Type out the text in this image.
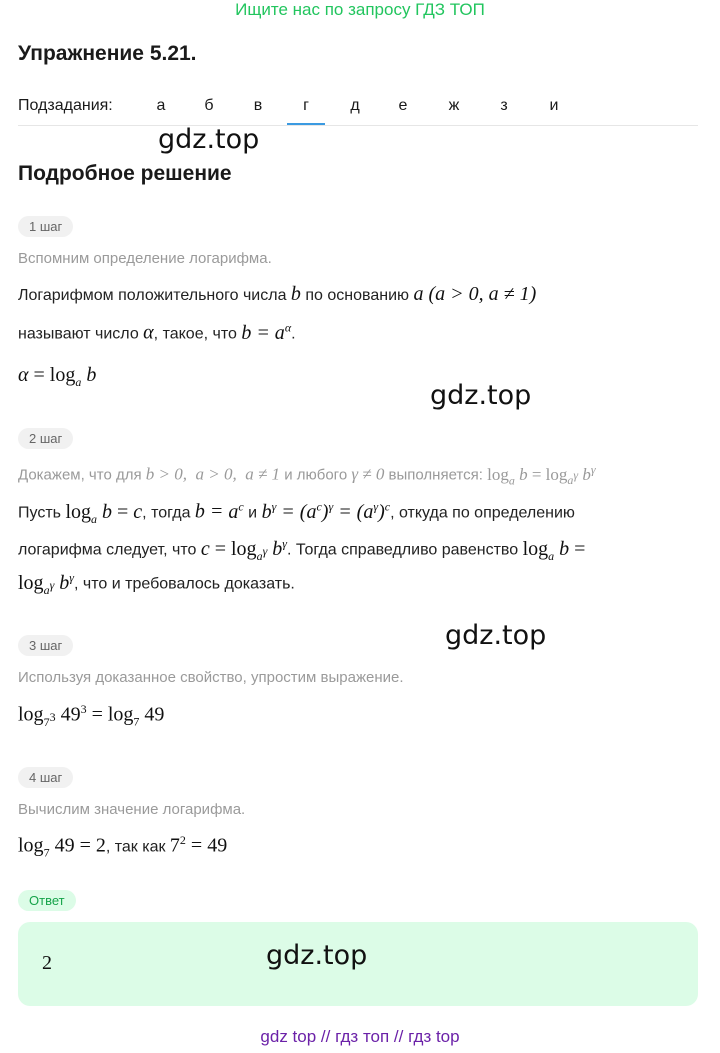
Ищите нас по запросу ГДЗ ТОП
Упражнение 5.21.
Подзадания:	а	б	в	г	д	е	ж	з	и
gdz.top
Подробное решение
1 шаг
Вспомним определение логарифма.
Логарифмом положительного числа b по основанию a (a > 0, a ≠ 1)
называют число α, такое, что $b = a^\alpha$.
$\alpha = \log_a b$
gdz.top
2 шаг
Докажем, что для b > 0,  a > 0,  a ≠ 1 и любого γ ≠ 0 выполняется: $\log_a b = \log_{a^\gamma} b^\gamma$
Пусть $\log_a b = c$, тогда $b = a^c$ и $b^\gamma = (a^c)^\gamma = (a^\gamma)^c$, откуда по определению
логарифма следует, что $c = \log_{a^\gamma} b^\gamma$. Тогда справедливо равенство $\log_a b$ =
$\log_{a^\gamma} b^\gamma$, что и требовалось доказать.
gdz.top
3 шаг
Используя доказанное свойство, упростим выражение.
$\log_{7^3} 49^3 = \log_7 49$
4 шаг
Вычислим значение логарифма.
$\log_7 49 = 2$, так как $7^2 = 49$
Ответ
2	gdz.top
gdz top // гдз топ // гдз top
